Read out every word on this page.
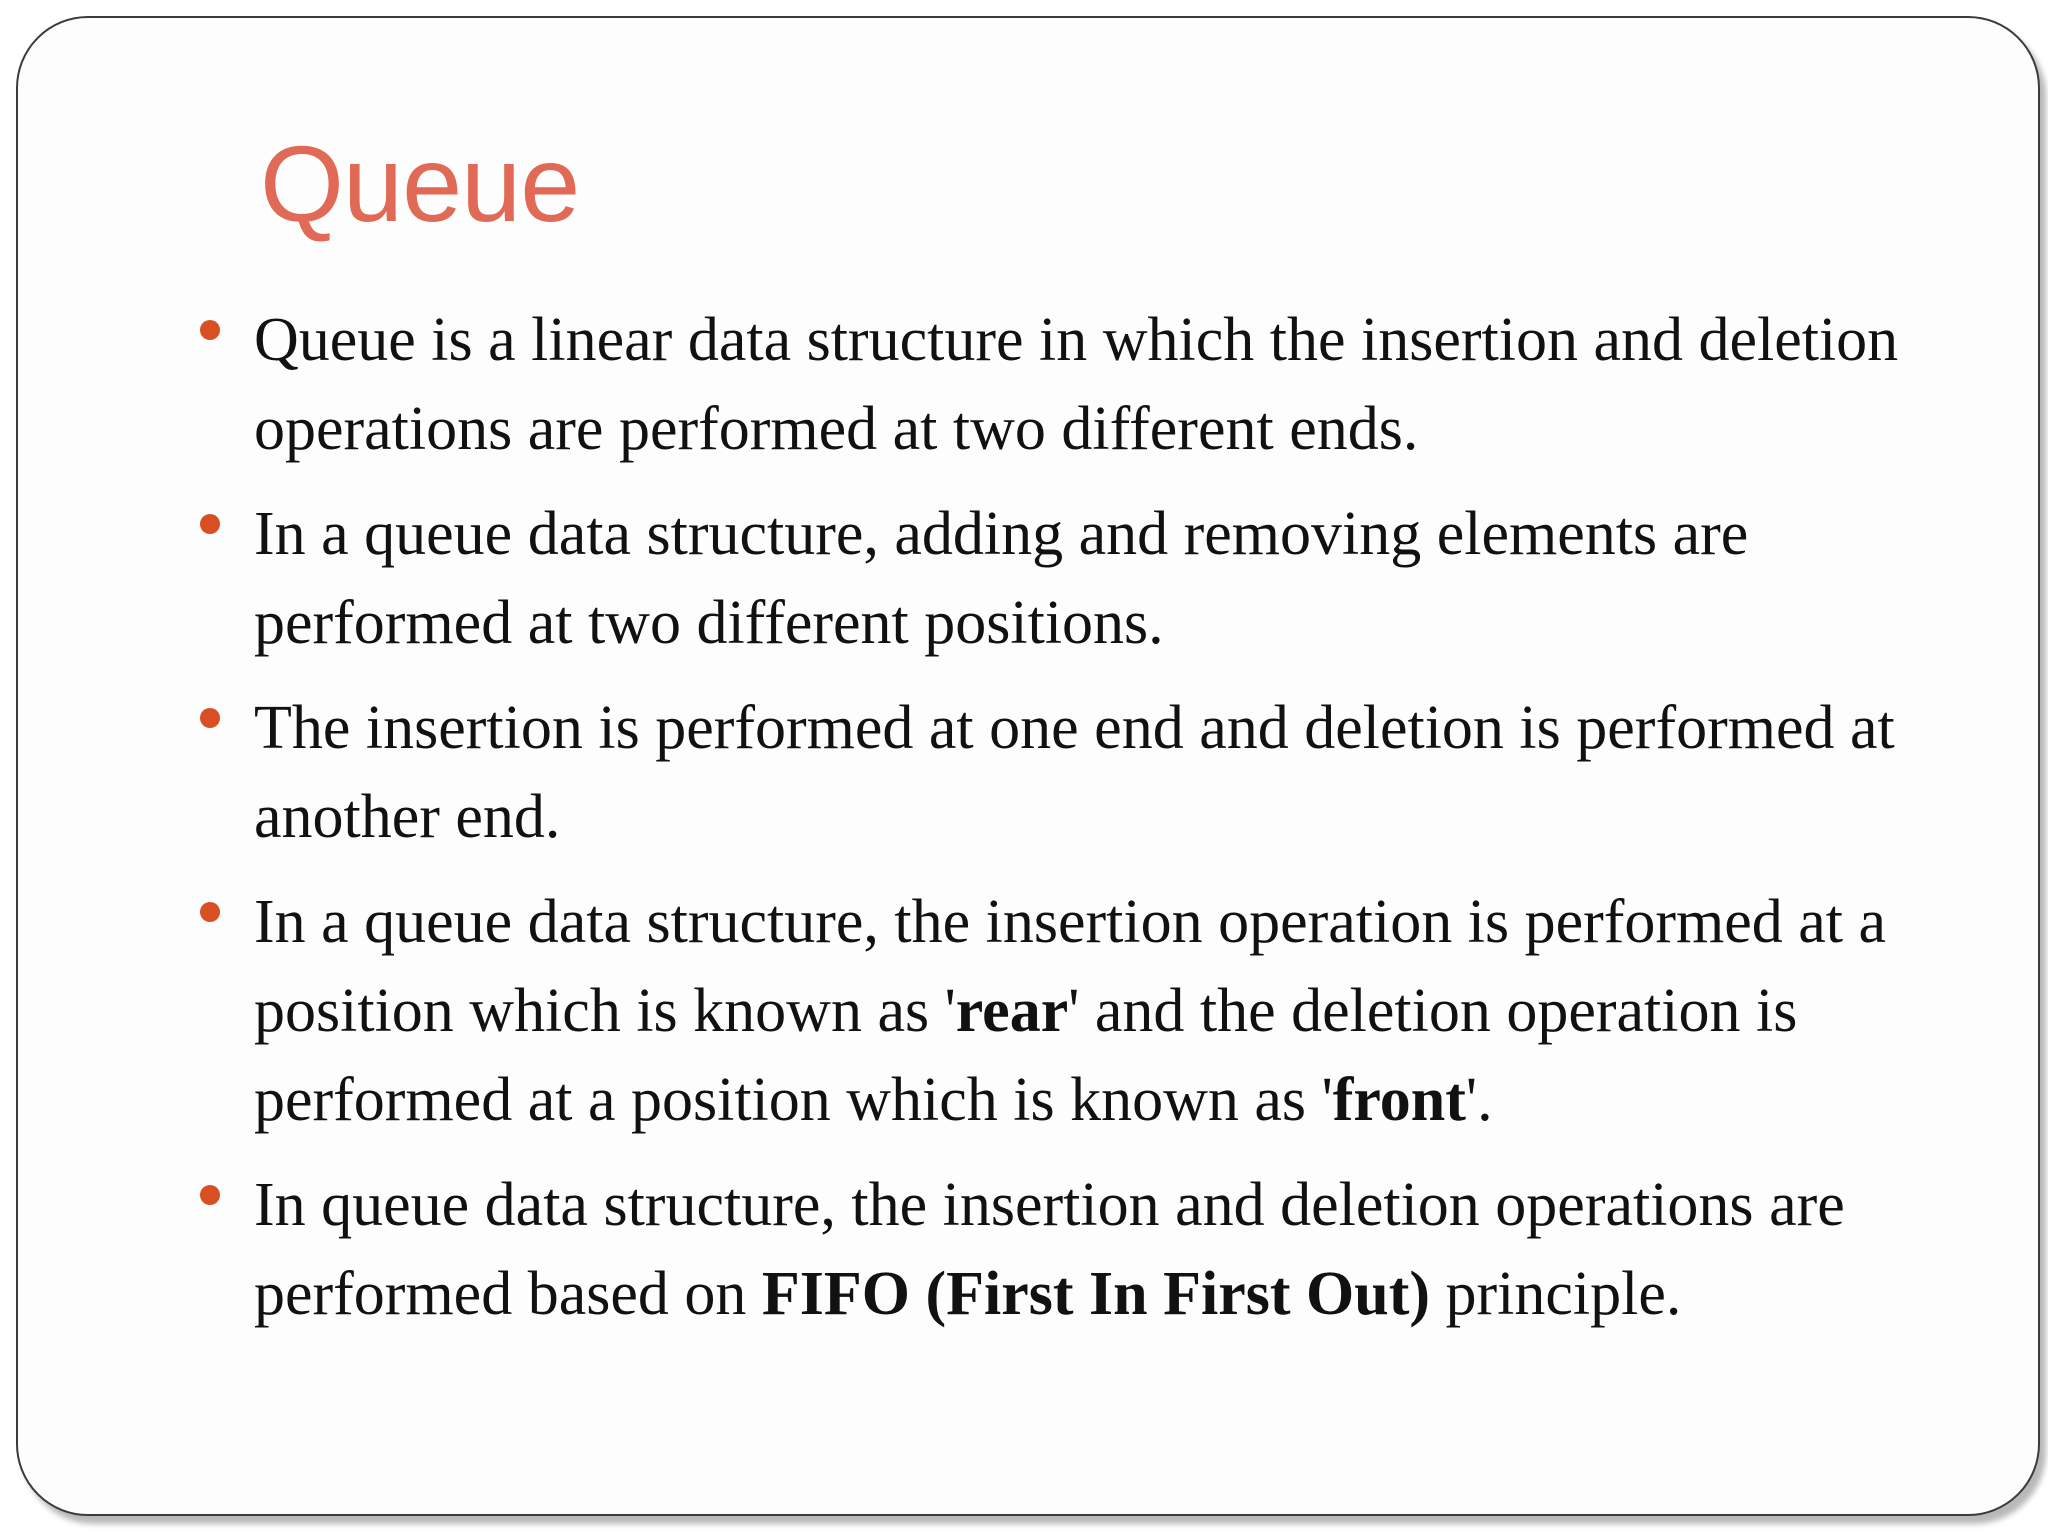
Queue
Queue is a linear data structure in which the insertion and deletion operations are performed at two different ends.
In a queue data structure, adding and removing elements are performed at two different positions.
The insertion is performed at one end and deletion is performed at another end.
In a queue data structure, the insertion operation is performed at a position which is known as 'rear' and the deletion operation is performed at a position which is known as 'front'.
In queue data structure, the insertion and deletion operations are performed based on FIFO (First In First Out) principle.
